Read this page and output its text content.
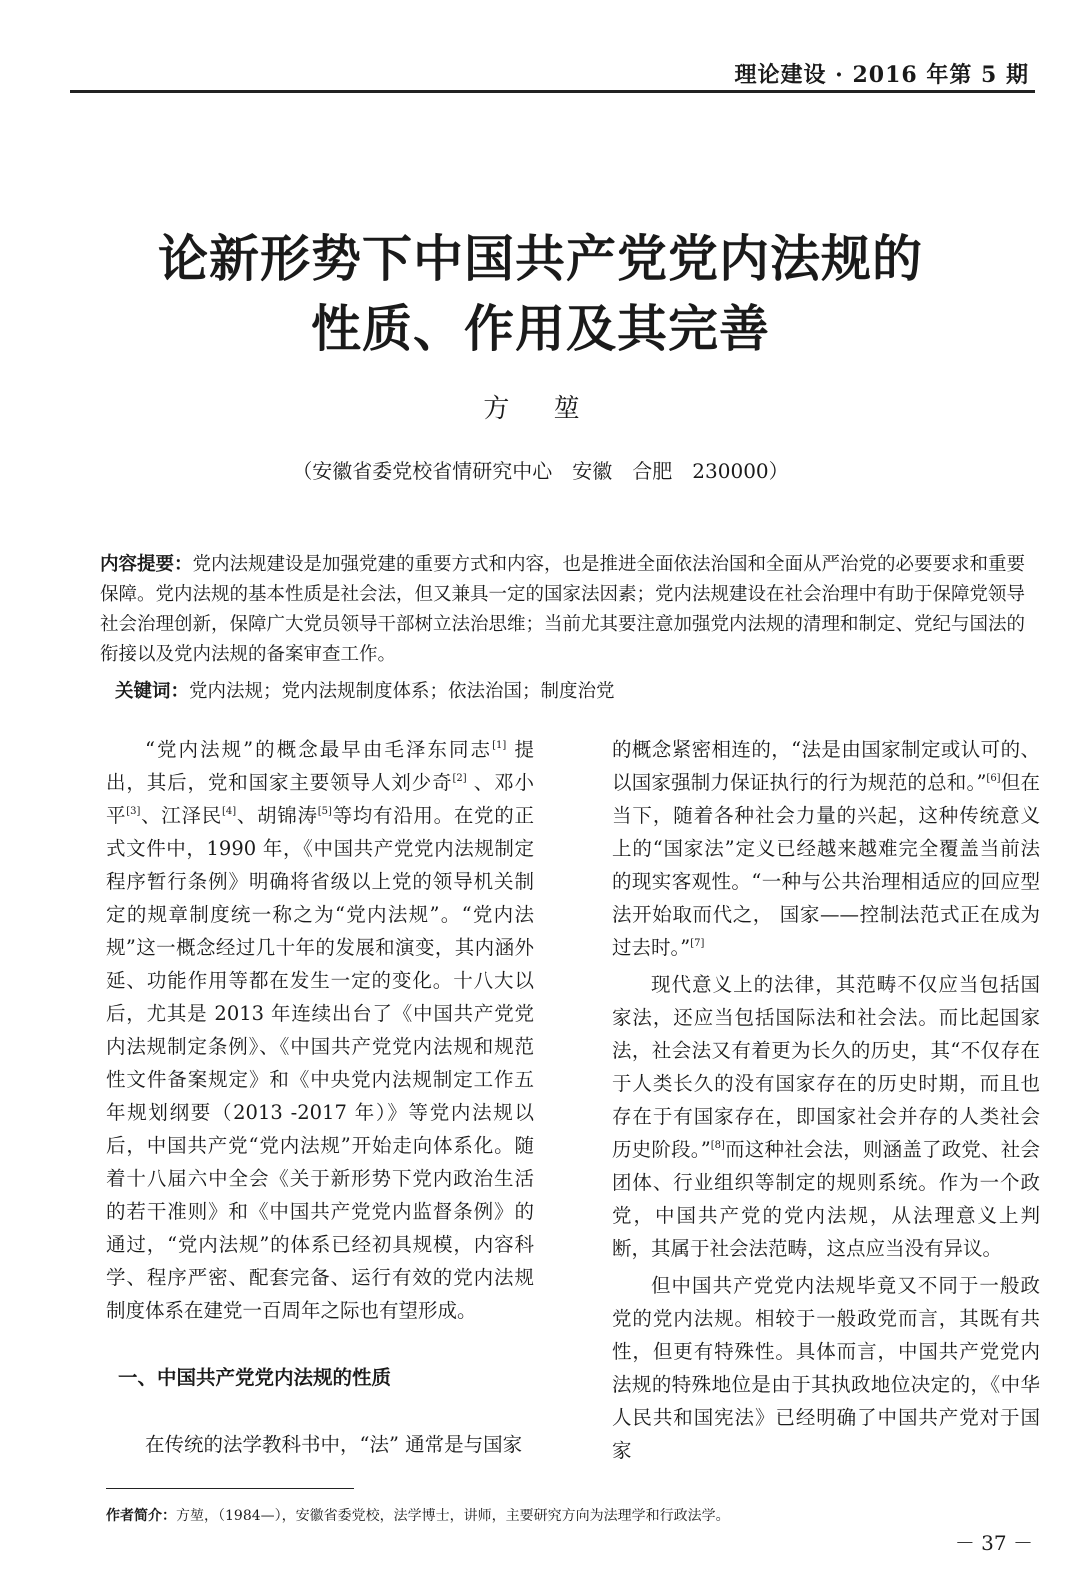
理论建设 · 2016 年第 5 期
论新形势下中国共产党党内法规的
性质、作用及其完善
方 堃
（安徽省委党校省情研究中心　安徽　合肥　230000）
内容提要：党内法规建设是加强党建的重要方式和内容，也是推进全面依法治国和全面从严治党的必要要求和重要保障。党内法规的基本性质是社会法，但又兼具一定的国家法因素；党内法规建设在社会治理中有助于保障党领导社会治理创新，保障广大党员领导干部树立法治思维；当前尤其要注意加强党内法规的清理和制定、党纪与国法的衔接以及党内法规的备案审查工作。
关键词：党内法规；党内法规制度体系；依法治国；制度治党

“党内法规”的概念最早由毛泽东同志[1] 提出，其后，党和国家主要领导人刘少奇[2] 、邓小平[3]、江泽民[4]、胡锦涛[5]等均有沿用。在党的正式文件中，1990 年，《中国共产党党内法规制定程序暂行条例》明确将省级以上党的领导机关制定的规章制度统一称之为“党内法规”。“党内法规”这一概念经过几十年的发展和演变，其内涵外延、功能作用等都在发生一定的变化。十八大以后，尤其是 2013 年连续出台了《中国共产党党内法规制定条例》、《中国共产党党内法规和规范性文件备案规定》和《中央党内法规制定工作五年规划纲要（2013 -2017 年）》等党内法规以后，中国共产党“党内法规”开始走向体系化。随着十八届六中全会《关于新形势下党内政治生活的若干准则》和《中国共产党党内监督条例》的通过，“党内法规”的体系已经初具规模，内容科学、程序严密、配套完备、运行有效的党内法规制度体系在建党一百周年之际也有望形成。

一、中国共产党党内法规的性质

在传统的法学教科书中，“法” 通常是与国家

的概念紧密相连的，“法是由国家制定或认可的、以国家强制力保证执行的行为规范的总和。”[6]但在当下，随着各种社会力量的兴起，这种传统意义上的“国家法”定义已经越来越难完全覆盖当前法的现实客观性。“一种与公共治理相适应的回应型法开始取而代之， 国家——控制法范式正在成为过去时。”[7]

现代意义上的法律，其范畴不仅应当包括国家法，还应当包括国际法和社会法。而比起国家法，社会法又有着更为长久的历史，其“不仅存在于人类长久的没有国家存在的历史时期，而且也存在于有国家存在，即国家社会并存的人类社会历史阶段。”[8]而这种社会法，则涵盖了政党、社会团体、行业组织等制定的规则系统。作为一个政党，中国共产党的党内法规，从法理意义上判断，其属于社会法范畴，这点应当没有异议。

但中国共产党党内法规毕竟又不同于一般政党的党内法规。相较于一般政党而言，其既有共性，但更有特殊性。具体而言，中国共产党党内法规的特殊地位是由于其执政地位决定的，《中华人民共和国宪法》已经明确了中国共产党对于国家

作者简介：方堃，（1984—），安徽省委党校，法学博士，讲师，主要研究方向为法理学和行政法学。
－ 37 －
